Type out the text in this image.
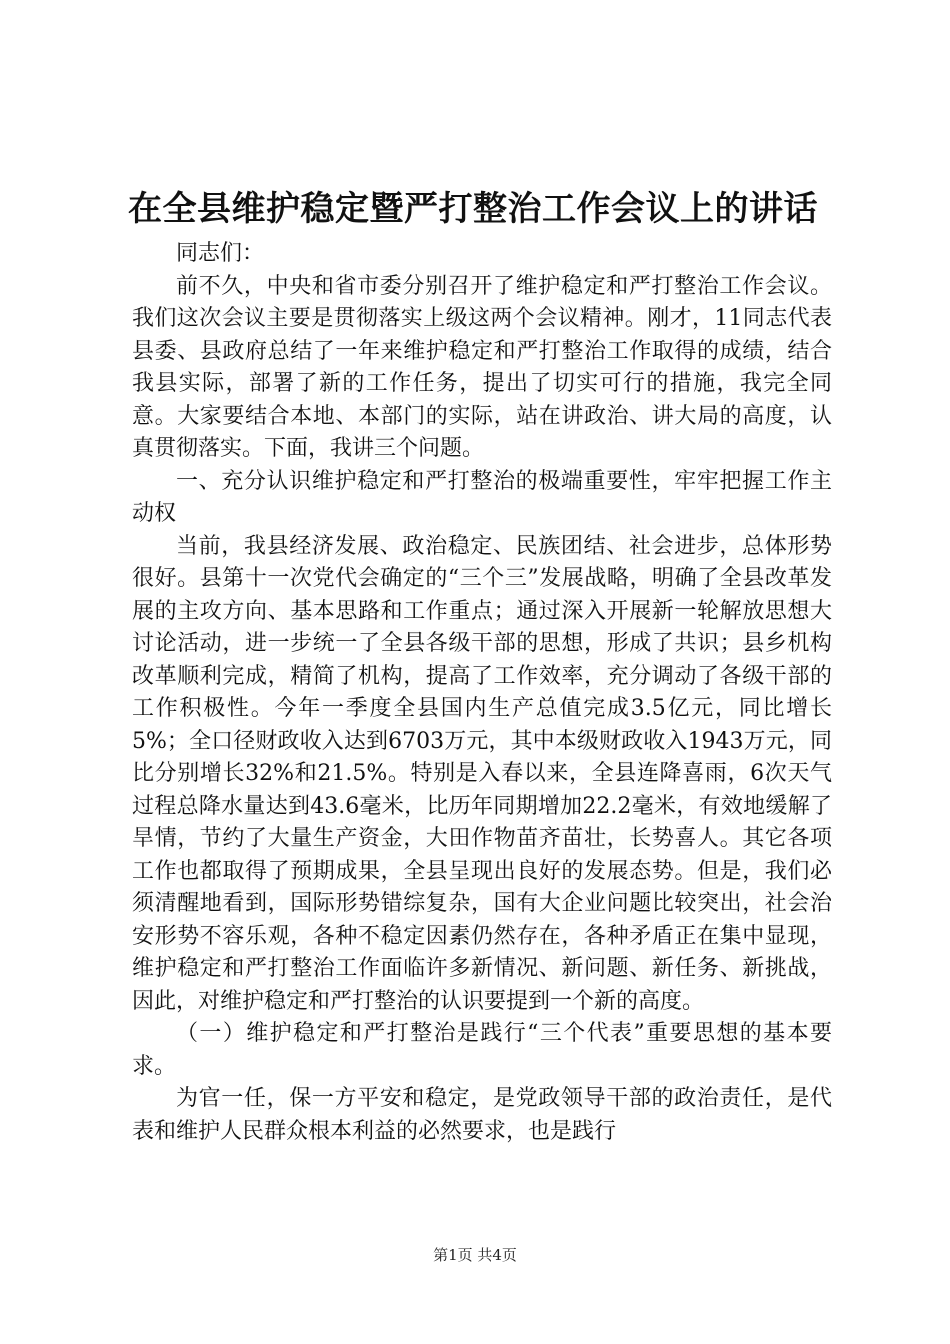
在全县维护稳定暨严打整治工作会议上的讲话

同志们：

前不久，中央和省市委分别召开了维护稳定和严打整治工作会议。我们这次会议主要是贯彻落实上级这两个会议精神。刚才，11同志代表县委、县政府总结了一年来维护稳定和严打整治工作取得的成绩，结合我县实际，部署了新的工作任务，提出了切实可行的措施，我完全同意。大家要结合本地、本部门的实际，站在讲政治、讲大局的高度，认真贯彻落实。下面，我讲三个问题。

一、充分认识维护稳定和严打整治的极端重要性，牢牢把握工作主动权

当前，我县经济发展、政治稳定、民族团结、社会进步，总体形势很好。县第十一次党代会确定的“三个三”发展战略，明确了全县改革发展的主攻方向、基本思路和工作重点；通过深入开展新一轮解放思想大讨论活动，进一步统一了全县各级干部的思想，形成了共识；县乡机构改革顺利完成，精简了机构，提高了工作效率，充分调动了各级干部的工作积极性。今年一季度全县国内生产总值完成3.5亿元，同比增长5%；全口径财政收入达到6703万元，其中本级财政收入1943万元，同比分别增长32%和21.5%。特别是入春以来，全县连降喜雨，6次天气过程总降水量达到43.6毫米，比历年同期增加22.2毫米，有效地缓解了旱情，节约了大量生产资金，大田作物苗齐苗壮，长势喜人。其它各项工作也都取得了预期成果，全县呈现出良好的发展态势。但是，我们必须清醒地看到，国际形势错综复杂，国有大企业问题比较突出，社会治安形势不容乐观，各种不稳定因素仍然存在，各种矛盾正在集中显现，维护稳定和严打整治工作面临许多新情况、新问题、新任务、新挑战，因此，对维护稳定和严打整治的认识要提到一个新的高度。

（一）维护稳定和严打整治是践行“三个代表”重要思想的基本要求。

为官一任，保一方平安和稳定，是党政领导干部的政治责任，是代表和维护人民群众根本利益的必然要求，也是践行

第1页 共4页
